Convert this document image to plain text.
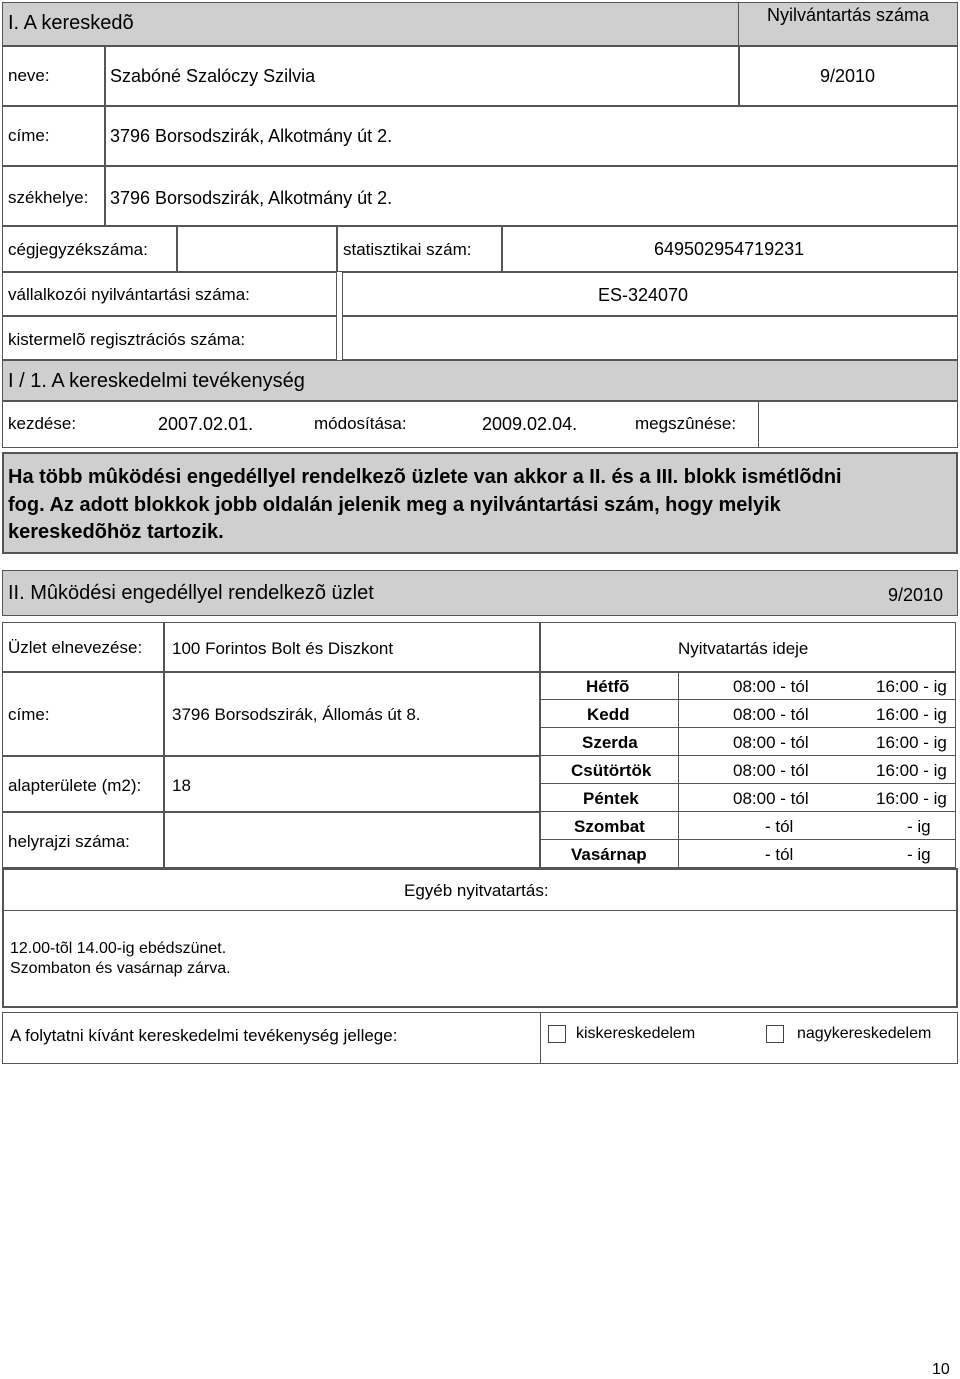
I. A kereskedõ	Nyilvántartás száma
neve:	Szabóné Szalóczy Szilvia	9/2010
címe:	3796 Borsodszirák, Alkotmány út 2.
székhelye: 3796 Borsodszirák, Alkotmány út 2.
cégjegyzékszáma:	statisztikai szám:	649502954719231
vállalkozói nyilvántartási száma:	ES-324070
kistermelõ regisztrációs száma:
I / 1. A kereskedelmi tevékenység
kezdése:	2007.02.01.	módosítása:	2009.02.04.	megszûnése:
Ha több mûködési engedéllyel rendelkezõ üzlete van akkor a II. és a III. blokk ismétlõdni
fog. Az adott blokkok jobb oldalán jelenik meg a nyilvántartási szám, hogy melyik
kereskedõhöz tartozik.
II. Mûködési engedéllyel rendelkezõ üzlet	9/2010
Üzlet elnevezése: 100 Forintos Bolt és Diszkont	Nyitvatartás ideje
címe:	3796 Borsodszirák, Állomás út 8.
alapterülete (m2): 18
helyrajzi száma:
Hétfõ	08:00 - tól	16:00 - ig
Kedd	08:00 - tól	16:00 - ig
Szerda	08:00 - tól	16:00 - ig
Csütörtök	08:00 - tól	16:00 - ig
Péntek	08:00 - tól	16:00 - ig
Szombat	- tól	- ig
Vasárnap	- tól	- ig
Egyéb nyitvatartás:
12.00-tõl 14.00-ig ebédszünet.
Szombaton és vasárnap zárva.
A folytatni kívánt kereskedelmi tevékenység jellege:	kiskereskedelem	nagykereskedelem
10
